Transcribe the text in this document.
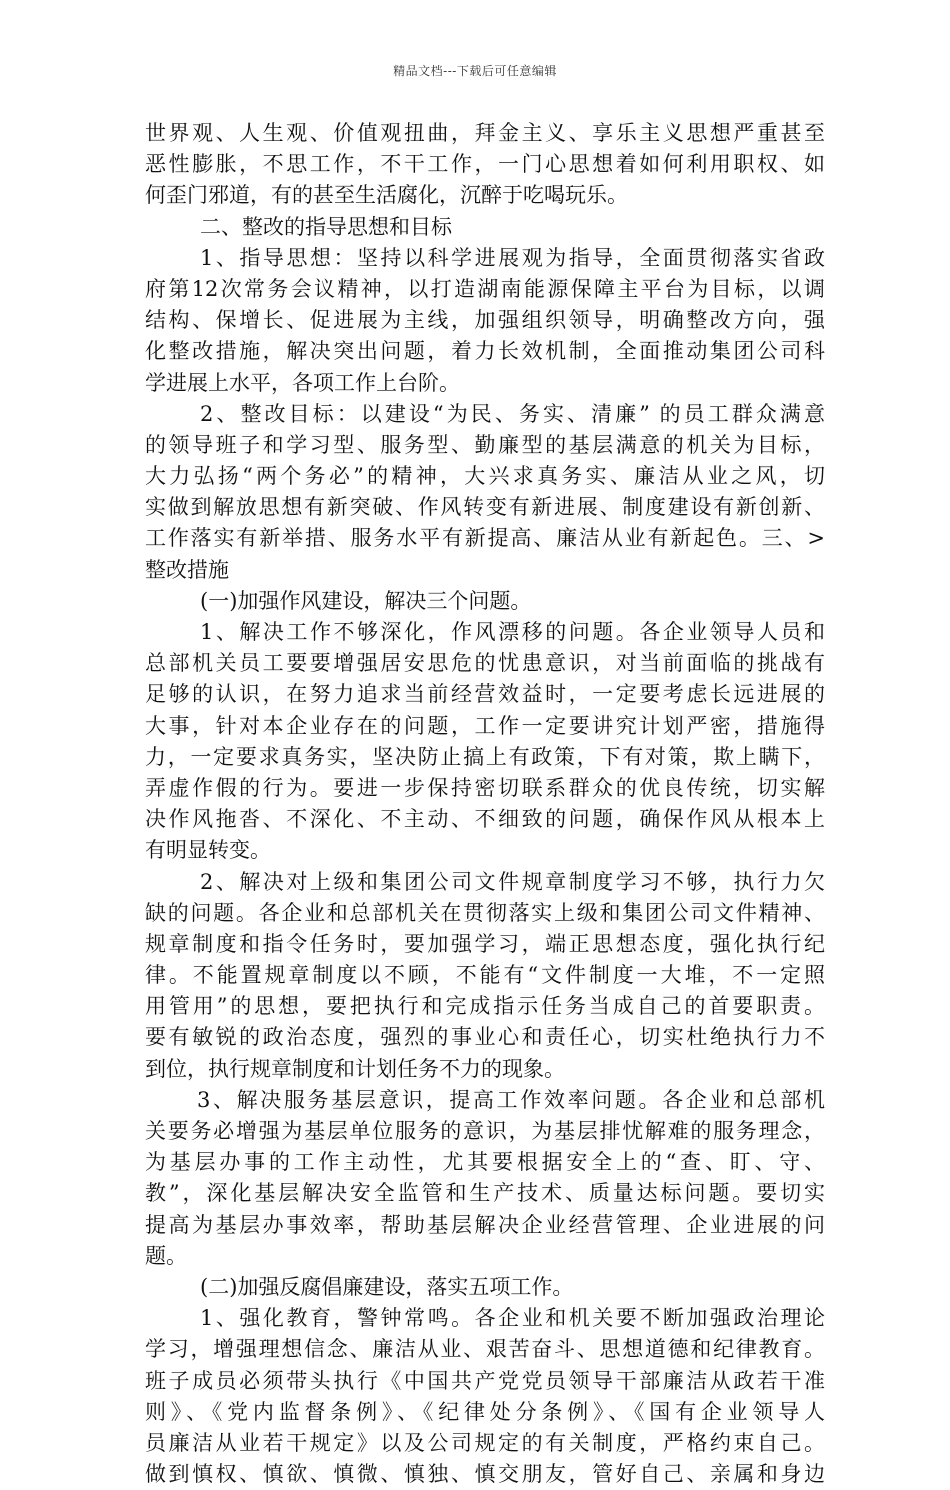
精品文档---下载后可任意编辑
世界观、人生观、价值观扭曲，拜金主义、享乐主义思想严重甚至
恶性膨胀，不思工作，不干工作，一门心思想着如何利用职权、如
何歪门邪道，有的甚至生活腐化，沉醉于吃喝玩乐。
二、整改的指导思想和目标
1、指导思想：坚持以科学进展观为指导，全面贯彻落实省政
府第12次常务会议精神，以打造湖南能源保障主平台为目标，以调
结构、保增长、促进展为主线，加强组织领导，明确整改方向，强
化整改措施，解决突出问题，着力长效机制，全面推动集团公司科
学进展上水平，各项工作上台阶。
2、整改目标：以建设“为民、务实、清廉” 的员工群众满意
的领导班子和学习型、服务型、勤廉型的基层满意的机关为目标，
大力弘扬“两个务必”的精神，大兴求真务实、廉洁从业之风，切
实做到解放思想有新突破、作风转变有新进展、制度建设有新创新、
工作落实有新举措、服务水平有新提高、廉洁从业有新起色。三、>
整改措施
(一)加强作风建设，解决三个问题。
1、解决工作不够深化，作风漂移的问题。各企业领导人员和
总部机关员工要要增强居安思危的忧患意识，对当前面临的挑战有
足够的认识，在努力追求当前经营效益时，一定要考虑长远进展的
大事，针对本企业存在的问题，工作一定要讲究计划严密，措施得
力，一定要求真务实，坚决防止搞上有政策，下有对策，欺上瞒下，
弄虚作假的行为。要进一步保持密切联系群众的优良传统，切实解
决作风拖沓、不深化、不主动、不细致的问题，确保作风从根本上
有明显转变。
2、解决对上级和集团公司文件规章制度学习不够，执行力欠
缺的问题。各企业和总部机关在贯彻落实上级和集团公司文件精神、
规章制度和指令任务时，要加强学习，端正思想态度，强化执行纪
律。不能置规章制度以不顾，不能有“文件制度一大堆，不一定照
用管用”的思想，要把执行和完成指示任务当成自己的首要职责。
要有敏锐的政治态度，强烈的事业心和责任心，切实杜绝执行力不
到位，执行规章制度和计划任务不力的现象。
3、解决服务基层意识，提高工作效率问题。各企业和总部机
关要务必增强为基层单位服务的意识，为基层排忧解难的服务理念，
为基层办事的工作主动性，尤其要根据安全上的“查、盯、守、
教”，深化基层解决安全监管和生产技术、质量达标问题。要切实
提高为基层办事效率，帮助基层解决企业经营管理、企业进展的问
题。
(二)加强反腐倡廉建设，落实五项工作。
1、强化教育，警钟常鸣。各企业和机关要不断加强政治理论
学习，增强理想信念、廉洁从业、艰苦奋斗、思想道德和纪律教育。
班子成员必须带头执行《中国共产党党员领导干部廉洁从政若干准
则》、《党内监督条例》、《纪律处分条例》、《国有企业领导人
员廉洁从业若干规定》以及公司规定的有关制度，严格约束自己。
做到慎权、慎欲、慎微、慎独、慎交朋友，管好自己、亲属和身边
